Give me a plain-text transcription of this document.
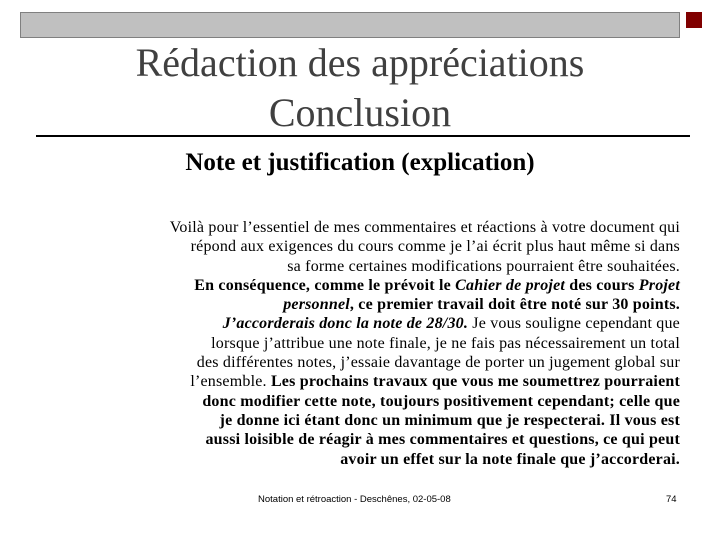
Rédaction des appréciations
Conclusion
Note et justification (explication)

Voilà pour l’essentiel de mes commentaires et réactions à votre document qui
répond aux exigences du cours comme je l’ai écrit plus haut même si dans
sa forme certaines modifications pourraient être souhaitées.

En conséquence, comme le prévoit le Cahier de projet des cours Projet
personnel, ce premier travail doit être noté sur 30 points.
J’accorderais donc la note de 28/30. Je vous souligne cependant que
lorsque j’attribue une note finale, je ne fais pas nécessairement un total
des différentes notes, j’essaie davantage de porter un jugement global sur
l’ensemble. Les prochains travaux que vous me soumettrez pourraient
donc modifier cette note, toujours positivement cependant; celle que
je donne ici étant donc un minimum que je respecterai. Il vous est
aussi loisible de réagir à mes commentaires et questions, ce qui peut
avoir un effet sur la note finale que j’accorderai.

Notation et rétroaction - Deschênes, 02-05-08	74
